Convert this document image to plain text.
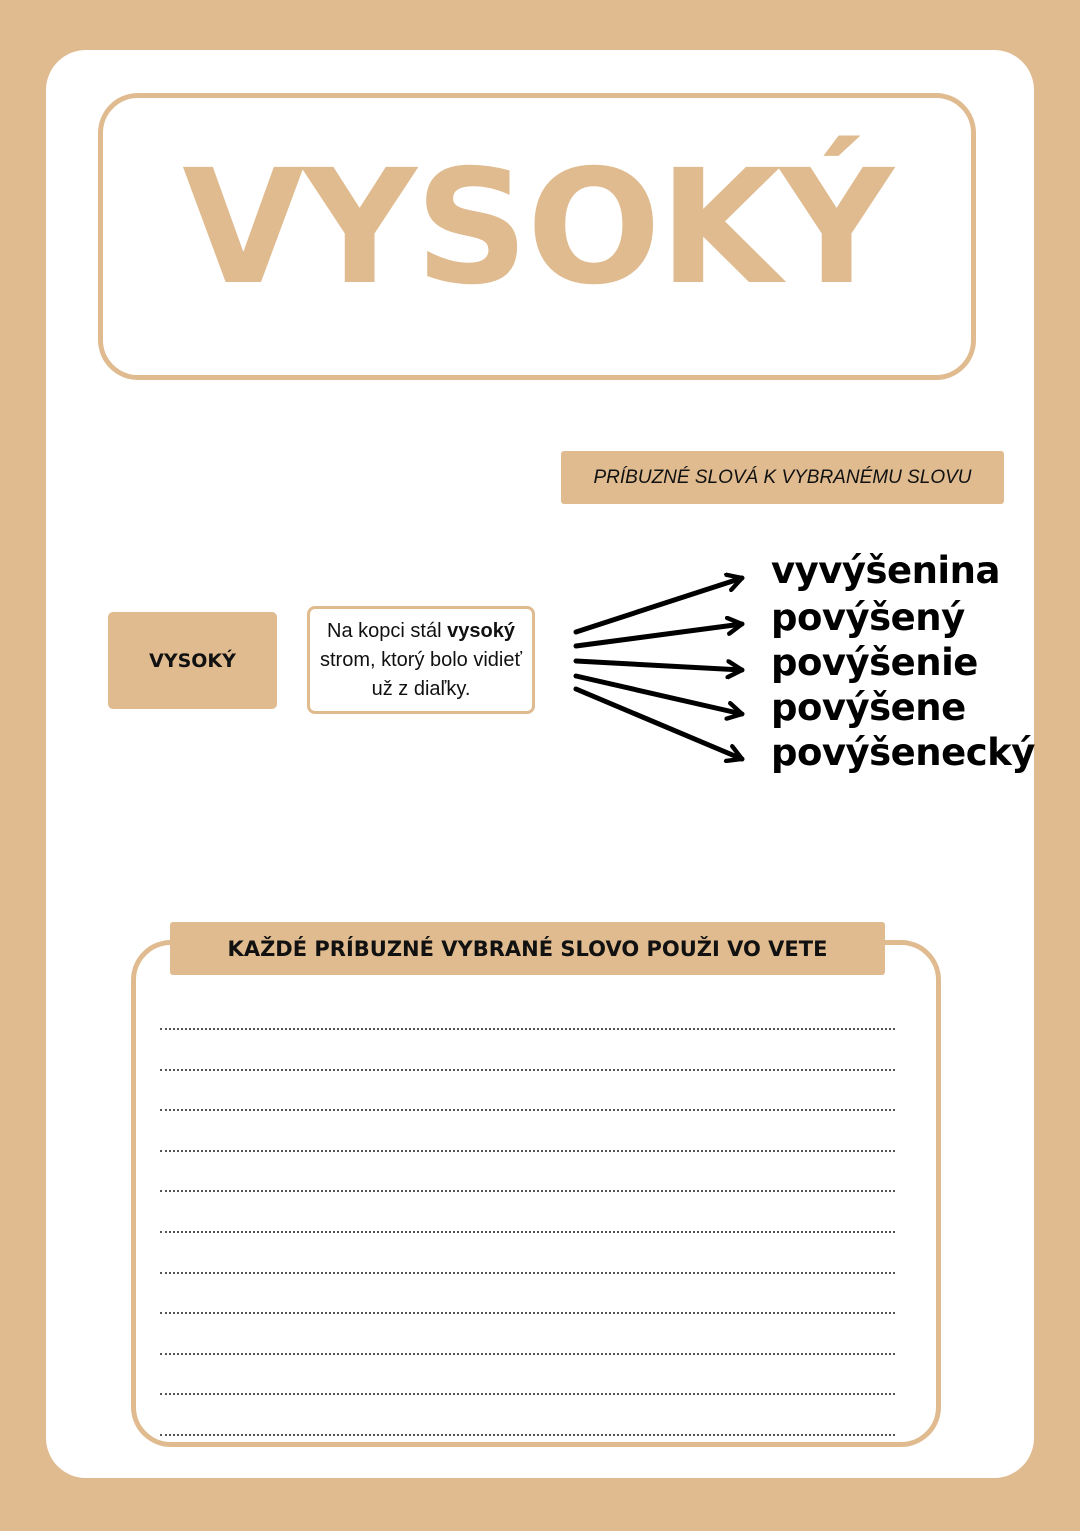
VYSOKÝ
PRÍBUZNÉ SLOVÁ K VYBRANÉMU SLOVU
VYSOKÝ
Na kopci stál vysoký strom, ktorý bolo vidieť už z diaľky.
vyvýšenina
povýšený
povýšenie
povýšene
povýšenecký
KAŽDÉ PRÍBUZNÉ VYBRANÉ SLOVO POUŽI VO VETE
